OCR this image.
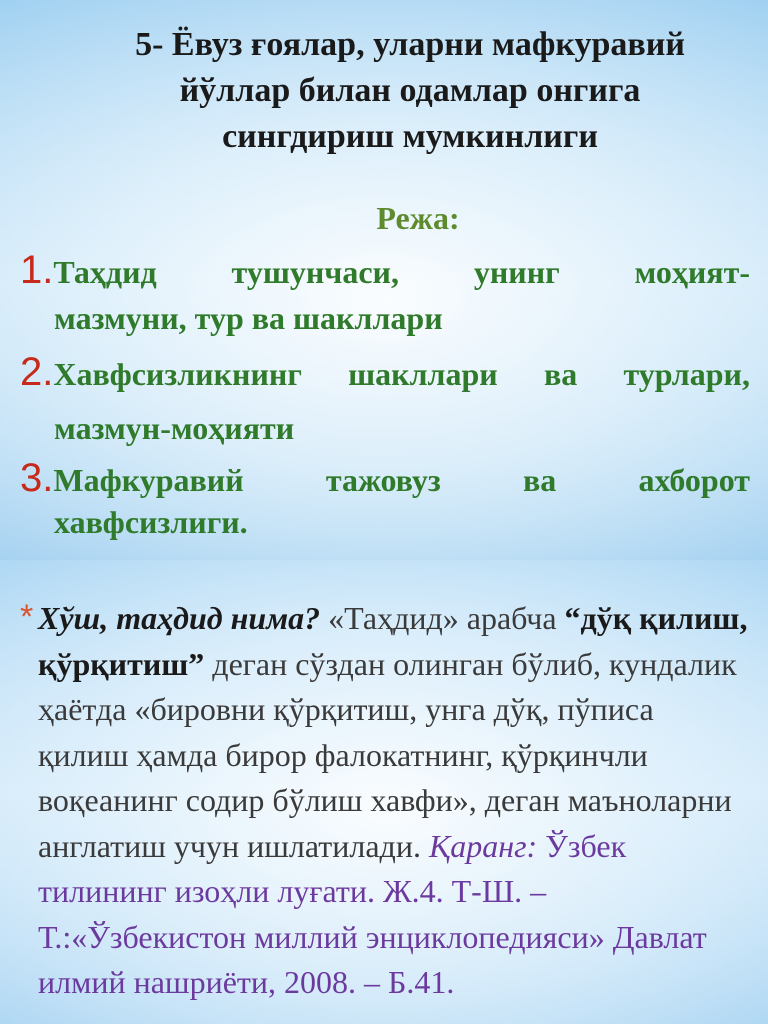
5- Ёвуз ғоялар, уларни мафкуравий
йўллар билан одамлар онгига
сингдириш мумкинлиги
Режа:
1.Таҳдид тушунчаси, унинг моҳият-
мазмуни, тур ва шакллари
2.Хавфсизликнинг шакллари ва турлари,
мазмун-моҳияти
3.Мафкуравий	тажовуз	ва	ахборот
хавфсизлиги.
* Хўш, таҳдид нима? «Таҳдид» арабча “дўқ қилиш, қўрқитиш” деган сўздан олинган бўлиб, кундалик ҳаётда «бировни қўрқитиш, унга дўқ, пўписа қилиш ҳамда бирор фалокатнинг, қўрқинчли воқеанинг содир бўлиш хавфи», деган маъноларни англатиш учун ишлатилади. Қаранг: Ўзбек тилининг изоҳли луғати. Ж.4. Т-Ш. – Т.:«Ўзбекистон миллий энциклопедияси» Давлат илмий нашриёти, 2008. – Б.41.
